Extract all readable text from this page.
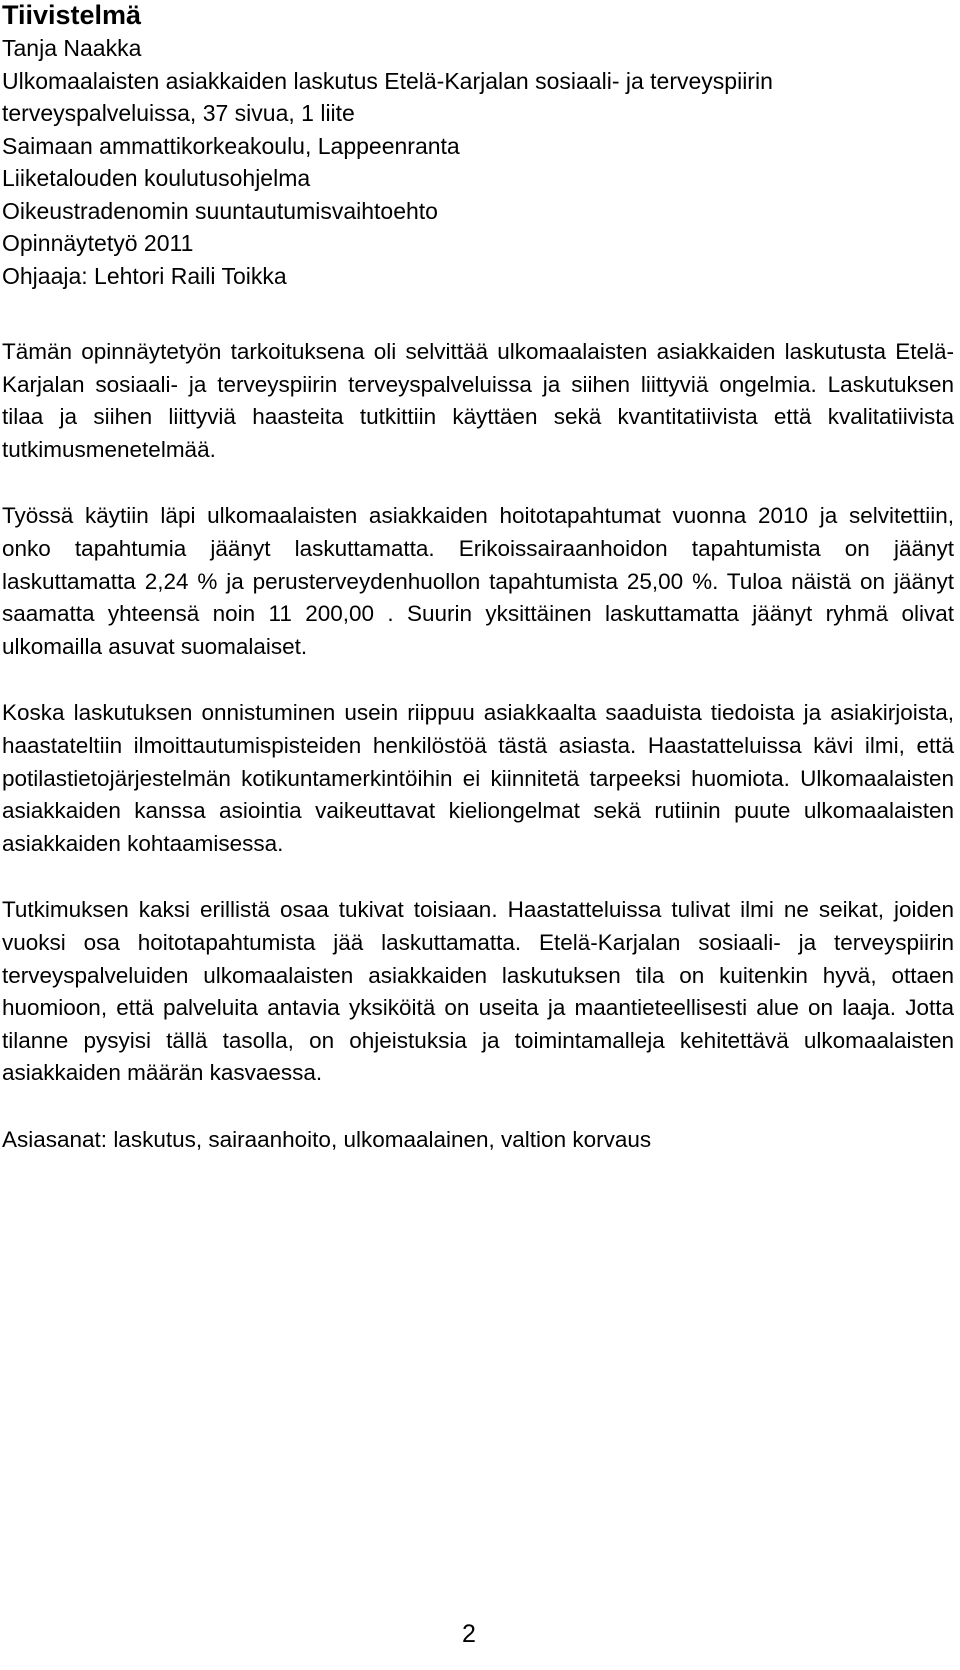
Tiivistelmä
Tanja Naakka
Ulkomaalaisten asiakkaiden laskutus Etelä-Karjalan sosiaali- ja terveyspiirin
terveyspalveluissa, 37 sivua, 1 liite
Saimaan ammattikorkeakoulu, Lappeenranta
Liiketalouden koulutusohjelma
Oikeustradenomin suuntautumisvaihtoehto
Opinnäytetyö 2011
Ohjaaja: Lehtori Raili Toikka

Tämän opinnäytetyön tarkoituksena oli selvittää ulkomaalaisten asiakkaiden laskutusta Etelä-Karjalan sosiaali- ja terveyspiirin terveyspalveluissa ja siihen liittyviä ongelmia. Laskutuksen tilaa ja siihen liittyviä haasteita tutkittiin käyttäen sekä kvantitatiivista että kvalitatiivista tutkimusmenetelmää.

Työssä käytiin läpi ulkomaalaisten asiakkaiden hoitotapahtumat vuonna 2010 ja selvitettiin, onko tapahtumia jäänyt laskuttamatta. Erikoissairaanhoidon tapahtumista on jäänyt laskuttamatta 2,24 % ja perusterveydenhuollon tapahtumista 25,00 %. Tuloa näistä on jäänyt saamatta yhteensä noin 11 200,00 . Suurin yksittäinen laskuttamatta jäänyt ryhmä olivat ulkomailla asuvat suomalaiset.

Koska laskutuksen onnistuminen usein riippuu asiakkaalta saaduista tiedoista ja asiakirjoista, haastateltiin ilmoittautumispisteiden henkilöstöä tästä asiasta. Haastatteluissa kävi ilmi, että potilastietojärjestelmän kotikuntamerkintöihin ei kiinnitetä tarpeeksi huomiota. Ulkomaalaisten asiakkaiden kanssa asiointia vaikeuttavat kieliongelmat sekä rutiinin puute ulkomaalaisten asiakkaiden kohtaamisessa.

Tutkimuksen kaksi erillistä osaa tukivat toisiaan. Haastatteluissa tulivat ilmi ne seikat, joiden vuoksi osa hoitotapahtumista jää laskuttamatta. Etelä-Karjalan sosiaali- ja terveyspiirin terveyspalveluiden ulkomaalaisten asiakkaiden laskutuksen tila on kuitenkin hyvä, ottaen huomioon, että palveluita antavia yksiköitä on useita ja maantieteellisesti alue on laaja. Jotta tilanne pysyisi tällä tasolla, on ohjeistuksia ja toimintamalleja kehitettävä ulkomaalaisten asiakkaiden määrän kasvaessa.

Asiasanat: laskutus, sairaanhoito, ulkomaalainen, valtion korvaus

2
